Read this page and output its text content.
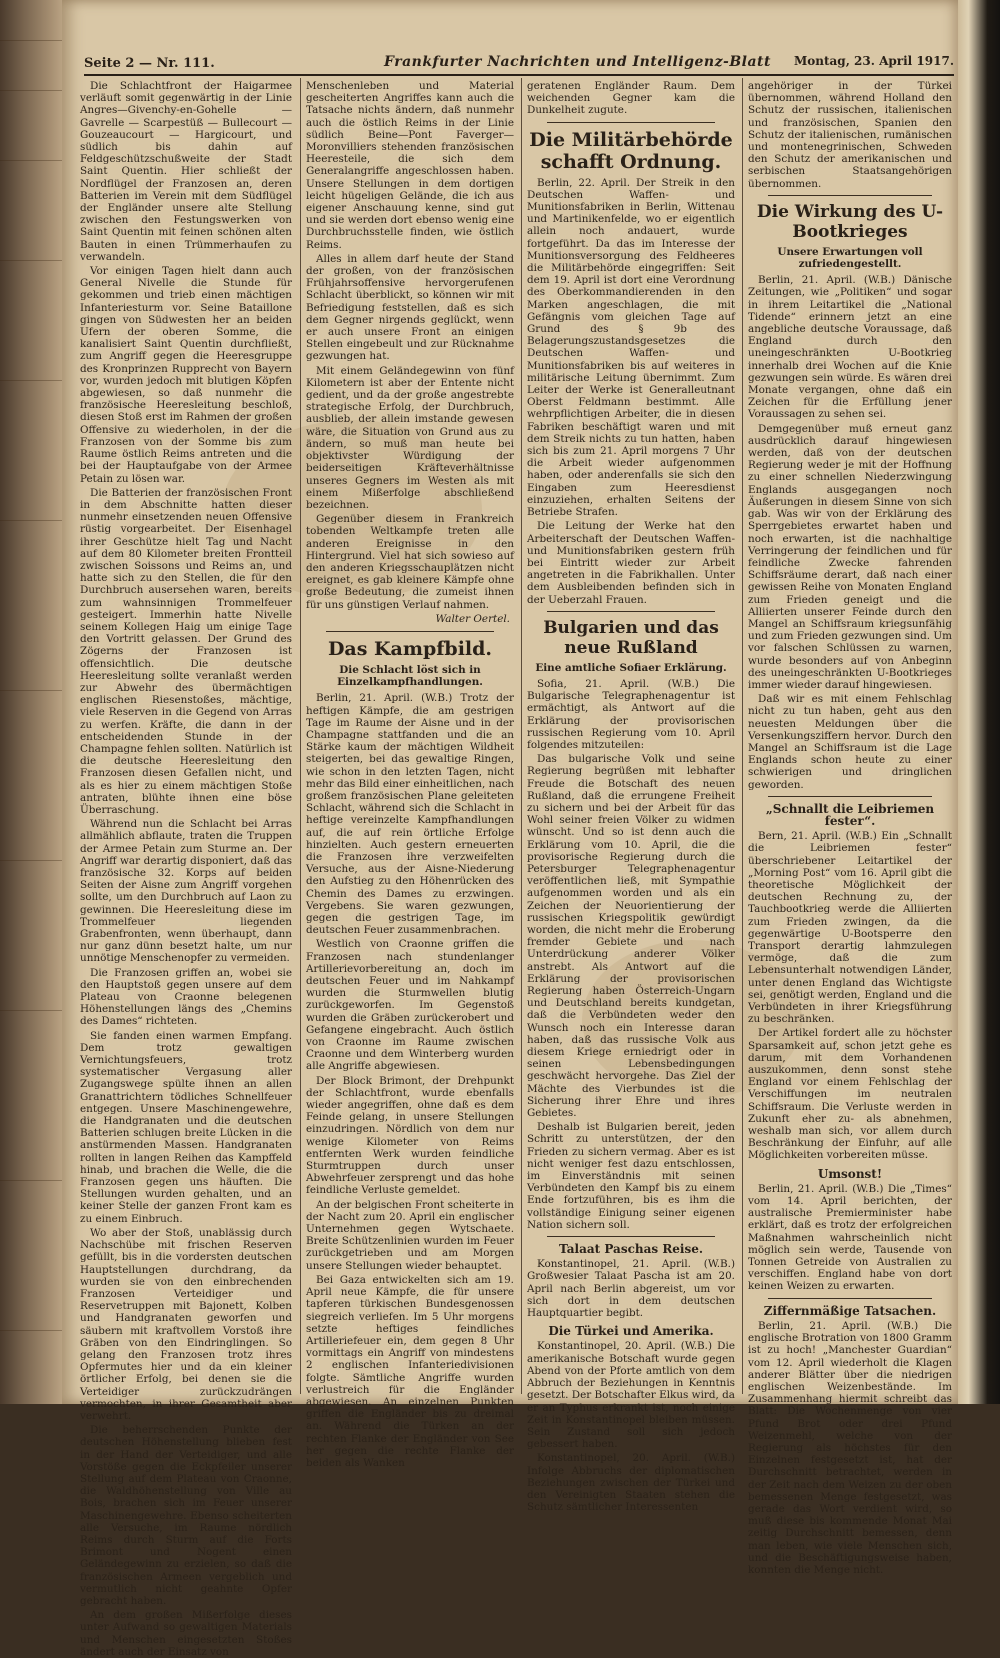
Seite 2 — Nr. 111.	Frankfurter Nachrichten und Intelligenz-Blatt Montag, 23. April 1917.

Die Schlachtfront der Haigarmee verläuft somit gegenwärtig in der Linie Angres—Givenchy-en-Gohelle — Gavrelle — Scarpestüß — Bullecourt — Gouzeaucourt — Hargicourt, und südlich bis dahin auf Feldgeschützschußweite der Stadt Saint Quentin. Hier schließt der Nordflügel der Franzosen an, deren Batterien im Verein mit dem Südflügel der Engländer unsere alte Stellung zwischen den Festungswerken von Saint Quentin mit feinen schönen alten Bauten in einen Trümmerhaufen zu verwandeln.

Vor einigen Tagen hielt dann auch General Nivelle die Stunde für gekommen und trieb einen mächtigen Infanteriesturm vor. Seine Bataillone gingen von Südwesten her an beiden Ufern der oberen Somme, die kanalisiert Saint Quentin durchfließt, zum Angriff gegen die Heeresgruppe des Kronprinzen Rupprecht von Bayern vor, wurden jedoch mit blutigen Köpfen abgewiesen, so daß nunmehr die französische Heeresleitung beschloß, diesen Stoß erst im Rahmen der großen Offensive zu wiederholen, in der die Franzosen von der Somme bis zum Raume östlich Reims antreten und die bei der Hauptaufgabe von der Armee Petain zu lösen war.

Die Batterien der französischen Front in dem Abschnitte hatten dieser nunmehr einsetzenden neuen Offensive rüstig vorgearbeitet. Der Eisenhagel ihrer Geschütze hielt Tag und Nacht auf dem 80 Kilometer breiten Frontteil zwischen Soissons und Reims an, und hatte sich zu den Stellen, die für den Durchbruch ausersehen waren, bereits zum wahnsinnigen Trommelfeuer gesteigert. Immerhin hatte Nivelle seinem Kollegen Haig um einige Tage den Vortritt gelassen. Der Grund des Zögerns der Franzosen ist offensichtlich. Die deutsche Heeresleitung sollte veranlaßt werden zur Abwehr des übermächtigen englischen Riesenstoßes, mächtige, viele Reserven in die Gegend von Arras zu werfen. Kräfte, die dann in der entscheidenden Stunde in der Champagne fehlen sollten. Natürlich ist die deutsche Heeresleitung den Franzosen diesen Gefallen nicht, und als es hier zu einem mächtigen Stoße antraten, blühte ihnen eine böse Überraschung.

Während nun die Schlacht bei Arras allmählich abflaute, traten die Truppen der Armee Petain zum Sturme an. Der Angriff war derartig disponiert, daß das französische 32. Korps auf beiden Seiten der Aisne zum Angriff vorgehen sollte, um den Durchbruch auf Laon zu gewinnen. Die Heeresleitung diese im Trommelfeuer liegenden Grabenfronten, wenn überhaupt, dann nur ganz dünn besetzt halte, um nur unnötige Menschenopfer zu vermeiden.

Die Franzosen griffen an, wobei sie den Hauptstoß gegen unsere auf dem Plateau von Craonne belegenen Höhenstellungen längs des „Chemins des Dames“ richteten.

Sie fanden einen warmen Empfang. Dem trotz gewaltigen Vernichtungsfeuers, trotz systematischer Vergasung aller Zugangswege spülte ihnen an allen Granattrichtern tödliches Schnellfeuer entgegen. Unsere Maschinengewehre, die Handgranaten und die deutschen Batterien schlugen breite Lücken in die anstürmenden Massen. Handgranaten rollten in langen Reihen das Kampffeld hinab, und brachen die Welle, die die Franzosen gegen uns häuften. Die Stellungen wurden gehalten, und an keiner Stelle der ganzen Front kam es zu einem Einbruch.

Wo aber der Stoß, unablässig durch Nachschübe mit frischen Reserven gefüllt, bis in die vordersten deutschen Hauptstellungen durchdrang, da wurden sie von den einbrechenden Franzosen Verteidiger und Reservetruppen mit Bajonett, Kolben und Handgranaten geworfen und säubern mit kraftvollem Vorstoß ihre Gräben von den Eindringlingen. So gelang den Franzosen trotz ihres Opfermutes hier und da ein kleiner örtlicher Erfolg, bei denen sie die Verteidiger zurückzudrängen vermochten, in ihrer Gesamtheit aber verwehrt.

Die beherrschenden Punkte der deutschen Höhenstellung blieben fest in der Hand der Verteidiger, und alle Vorstöße gegen die Eckpfeiler unserer Stellung auf dem Plateau von Craonne, die Waldhöhenstellung von Ville au Bois, brachen sich im Feuer unserer Maschinengewehre. Ebenso scheiterten alle Versuche, im Raume nördlich Reims durch Sturm auf die Forts Brimont und Nogent einen Geländegewinn zu erzielen, so daß die französischen Armeen vergeblich und vermutlich nicht geahnte Opfer gebracht haben.

An dem großen Mißerfolge dieses unter Aufwand so gewaltigen Materials und Menschen eingesetzten Stoßes ändert auch der Einsatz von

Menschenleben und Material gescheiterten Angriffes kann auch die Tatsache nichts ändern, daß nunmehr auch die östlich Reims in der Linie südlich Beine—Pont Faverger—Moronvilliers stehenden französischen Heeresteile, die sich dem Generalangriffe angeschlossen haben. Unsere Stellungen in dem dortigen leicht hügeligen Gelände, die ich aus eigener Anschauung kenne, sind gut und sie werden dort ebenso wenig eine Durchbruchsstelle finden, wie östlich Reims.

Alles in allem darf heute der Stand der großen, von der französischen Frühjahrsoffensive hervorgerufenen Schlacht überblickt, so können wir mit Befriedigung feststellen, daß es sich dem Gegner nirgends geglückt, wenn er auch unsere Front an einigen Stellen eingebeult und zur Rücknahme gezwungen hat.

Mit einem Geländegewinn von fünf Kilometern ist aber der Entente nicht gedient, und da der große angestrebte strategische Erfolg, der Durchbruch, ausblieb, der allein imstande gewesen wäre, die Situation von Grund aus zu ändern, so muß man heute bei objektivster Würdigung der beiderseitigen Kräfteverhältnisse unseres Gegners im Westen als mit einem Mißerfolge abschließend bezeichnen.

Gegenüber diesem in Frankreich tobenden Weltkampfe treten alle anderen Ereignisse in den Hintergrund. Viel hat sich sowieso auf den anderen Kriegsschauplätzen nicht ereignet, es gab kleinere Kämpfe ohne große Bedeutung, die zumeist ihnen für uns günstigen Verlauf nahmen.

Walter Oertel.
Das Kampfbild.
Die Schlacht löst sich in Einzelkampfhandlungen.

Berlin, 21. April. (W.B.) Trotz der heftigen Kämpfe, die am gestrigen Tage im Raume der Aisne und in der Champagne stattfanden und die an Stärke kaum der mächtigen Wildheit steigerten, bei das gewaltige Ringen, wie schon in den letzten Tagen, nicht mehr das Bild einer einheitlichen, nach großem französischen Plane geleiteten Schlacht, während sich die Schlacht in heftige vereinzelte Kampfhandlungen auf, die auf rein örtliche Erfolge hinzielten. Auch gestern erneuerten die Franzosen ihre verzweifelten Versuche, aus der Aisne-Niederung den Aufstieg zu den Höhenrücken des Chemin des Dames zu erzwingen. Vergebens. Sie waren gezwungen, gegen die gestrigen Tage, im deutschen Feuer zusammenbrachen.

Westlich von Craonne griffen die Franzosen nach stundenlanger Artillerievorbereitung an, doch im deutschen Feuer und im Nahkampf wurden die Sturmwellen blutig zurückgeworfen. Im Gegenstoß wurden die Gräben zurückerobert und Gefangene eingebracht. Auch östlich von Craonne im Raume zwischen Craonne und dem Winterberg wurden alle Angriffe abgewiesen.

Der Block Brimont, der Drehpunkt der Schlachtfront, wurde ebenfalls wieder angegriffen, ohne daß es dem Feinde gelang, in unsere Stellungen einzudringen. Nördlich von dem nur wenige Kilometer von Reims entfernten Werk wurden feindliche Sturmtruppen durch unser Abwehrfeuer zersprengt und das hohe feindliche Verluste gemeldet.

An der belgischen Front scheiterte in der Nacht zum 20. April ein englischer Unternehmen gegen Wytschaete. Breite Schützenlinien wurden im Feuer zurückgetrieben und am Morgen unsere Stellungen wieder behauptet.

Bei Gaza entwickelten sich am 19. April neue Kämpfe, die für unsere tapferen türkischen Bundesgenossen siegreich verliefen. Im 5 Uhr morgens setzte heftiges feindliches Artilleriefeuer ein, dem gegen 8 Uhr vormittags ein Angriff von mindestens 2 englischen Infanteriedivisionen folgte. Sämtliche Angriffe wurden verlustreich für die Engländer abgewiesen. An einzelnen Punkten griffen die Engländer bis zu dreimal an. Während die Türken an der rechten Flanke der Engländer von See her gegen die rechte Flanke der beiden als Wanken

geratenen Engländer Raum. Dem weichenden Gegner kam die Dunkelheit zugute.

Die Militärbehörde schafft Ordnung.

Berlin, 22. April. Der Streik in den Deutschen Waffen- und Munitionsfabriken in Berlin, Wittenau und Martinikenfelde, wo er eigentlich allein noch andauert, wurde fortgeführt. Da das im Interesse der Munitionsversorgung des Feldheeres die Militärbehörde eingegriffen: Seit dem 19. April ist dort eine Verordnung des Oberkommandierenden in den Marken angeschlagen, die mit Gefängnis vom gleichen Tage auf Grund des § 9b des Belagerungszustandsgesetzes die Deutschen Waffen- und Munitionsfabriken bis auf weiteres in militärische Leitung übernimmt. Zum Leiter der Werke ist Generalleutnant Oberst Feldmann bestimmt. Alle wehrpflichtigen Arbeiter, die in diesen Fabriken beschäftigt waren und mit dem Streik nichts zu tun hatten, haben sich bis zum 21. April morgens 7 Uhr die Arbeit wieder aufgenommen haben, oder anderenfalls sie sich den Eingaben zum Heeresdienst einzuziehen, erhalten Seitens der Betriebe Strafen.

Die Leitung der Werke hat den Arbeiterschaft der Deutschen Waffen- und Munitionsfabriken gestern früh bei Eintritt wieder zur Arbeit angetreten in die Fabrikhallen. Unter dem Ausbleibenden befinden sich in der Ueberzahl Frauen.

Bulgarien und das neue Rußland
Eine amtliche Sofiaer Erklärung.

Sofia, 21. April. (W.B.) Die Bulgarische Telegraphenagentur ist ermächtigt, als Antwort auf die Erklärung der provisorischen russischen Regierung vom 10. April folgendes mitzuteilen:

Das bulgarische Volk und seine Regierung begrüßen mit lebhafter Freude die Botschaft des neuen Rußland, daß die errungene Freiheit zu sichern und bei der Arbeit für das Wohl seiner freien Völker zu widmen wünscht. Und so ist denn auch die Erklärung vom 10. April, die die provisorische Regierung durch die Petersburger Telegraphenagentur veröffentlichen ließ, mit Sympathie aufgenommen worden und als ein Zeichen der Neuorientierung der russischen Kriegspolitik gewürdigt worden, die nicht mehr die Eroberung fremder Gebiete und nach Unterdrückung anderer Völker anstrebt. Als Antwort auf die Erklärung der provisorischen Regierung haben Österreich-Ungarn und Deutschland bereits kundgetan, daß die Verbündeten weder den Wunsch noch ein Interesse daran haben, daß das russische Volk aus diesem Kriege erniedrigt oder in seinen Lebensbedingungen geschwächt hervorgehe. Das Ziel der Mächte des Vierbundes ist die Sicherung ihrer Ehre und ihres Gebietes.

Deshalb ist Bulgarien bereit, jeden Schritt zu unterstützen, der den Frieden zu sichern vermag. Aber es ist nicht weniger fest dazu entschlossen, im Einverständnis mit seinen Verbündeten den Kampf bis zu einem Ende fortzuführen, bis es ihm die vollständige Einigung seiner eigenen Nation sichern soll.

Talaat Paschas Reise.

Konstantinopel, 21. April. (W.B.) Großwesier Talaat Pascha ist am 20. April nach Berlin abgereist, um vor sich dort in dem deutschen Hauptquartier begibt.

Die Türkei und Amerika.

Konstantinopel, 20. April. (W.B.) Die amerikanische Botschaft wurde gegen Abend von der Pforte amtlich von dem Abbruch der Beziehungen in Kenntnis gesetzt. Der Botschafter Elkus wird, da er an Typhus erkrankt ist, noch einige Zeit in Konstantinopel bleiben müssen. Sein Zustand soll sich jedoch gebessert haben.

Konstantinopel, 20. April. (W.B.) Infolge Abbruchs der diplomatischen Beziehungen zwischen der Türkei und den Vereinigten Staaten stehen die Schutz sämtlicher Interessenten

angehöriger in der Türkei übernommen, während Holland den Schutz der russischen, italienischen und französischen, Spanien den Schutz der italienischen, rumänischen und montenegrinischen, Schweden den Schutz der amerikanischen und serbischen Staatsangehörigen übernommen.

Die Wirkung des U-Bootkrieges
Unsere Erwartungen voll zufriedengestellt.

Berlin, 21. April. (W.B.) Dänische Zeitungen, wie „Politiken“ und sogar in ihrem Leitartikel die „National Tidende“ erinnern jetzt an eine angebliche deutsche Voraussage, daß England durch den uneingeschränkten U-Bootkrieg innerhalb drei Wochen auf die Knie gezwungen sein würde. Es wären drei Monate vergangen, ohne daß ein Zeichen für die Erfüllung jener Voraussagen zu sehen sei.

Demgegenüber muß erneut ganz ausdrücklich darauf hingewiesen werden, daß von der deutschen Regierung weder je mit der Hoffnung zu einer schnellen Niederzwingung Englands ausgegangen noch Äußerungen in diesem Sinne von sich gab. Was wir von der Erklärung des Sperrgebietes erwartet haben und noch erwarten, ist die nachhaltige Verringerung der feindlichen und für feindliche Zwecke fahrenden Schiffsräume derart, daß nach einer gewissen Reihe von Monaten England zum Frieden geneigt und die Alliierten unserer Feinde durch den Mangel an Schiffsraum kriegsunfähig und zum Frieden gezwungen sind. Um vor falschen Schlüssen zu warnen, wurde besonders auf von Anbeginn des uneingeschränkten U-Bootkrieges immer wieder darauf hingewiesen.

Daß wir es mit einem Fehlschlag nicht zu tun haben, geht aus den neuesten Meldungen über die Versenkungsziffern hervor. Durch den Mangel an Schiffsraum ist die Lage Englands schon heute zu einer schwierigen und dringlichen geworden.

„Schnallt die Leibriemen fester“.

Bern, 21. April. (W.B.) Ein „Schnallt die Leibriemen fester“ überschriebener Leitartikel der „Morning Post“ vom 16. April gibt die theoretische Möglichkeit der deutschen Rechnung zu, der Tauchbootkrieg werde die Alliierten zum Frieden zwingen, da die gegenwärtige U-Bootsperre den Transport derartig lahmzulegen vermöge, daß die zum Lebensunterhalt notwendigen Länder, unter denen England das Wichtigste sei, genötigt werden, England und die Verbündeten in ihrer Kriegsführung zu beschränken.

Der Artikel fordert alle zu höchster Sparsamkeit auf, schon jetzt gehe es darum, mit dem Vorhandenen auszukommen, denn sonst stehe England vor einem Fehlschlag der Verschiffungen im neutralen Schiffsraum. Die Verluste werden in Zukunft eher zu- als abnehmen, weshalb man sich, vor allem durch Beschränkung der Einfuhr, auf alle Möglichkeiten vorbereiten müsse.

Umsonst!

Berlin, 21. April. (W.B.) Die „Times“ vom 14. April berichten, der australische Premierminister habe erklärt, daß es trotz der erfolgreichen Maßnahmen wahrscheinlich nicht möglich sein werde, Tausende von Tonnen Getreide von Australien zu verschiffen. England habe von dort keinen Weizen zu erwarten.

Ziffernmäßige Tatsachen.

Berlin, 21. April. (W.B.) Die englische Brotration von 1800 Gramm ist zu hoch! „Manchester Guardian“ vom 12. April wiederholt die Klagen anderer Blätter über die niedrigen englischen Weizenbestände. Im Zusammenhang hiermit schreibt das Blatt: Die Wochenmenge von vier Pfund Brot oder drei Pfund Weizenmehl, welche von der Regierung als höchstes für den Einzelnen festgesetzt ist, hat der Durchschnitt betrachtet, werden in der Zeit nach dem Weizen zu der oben bemessenen Menge festgesetzt, was gerade das Wort verdient wird, so muß diese bis kommende Monat Mai zeitig Durchschnitt bemessen, denn man leben, wie viele Menschen sich, und die Beschäftigungsweise haben, konnten die Menge nicht.
